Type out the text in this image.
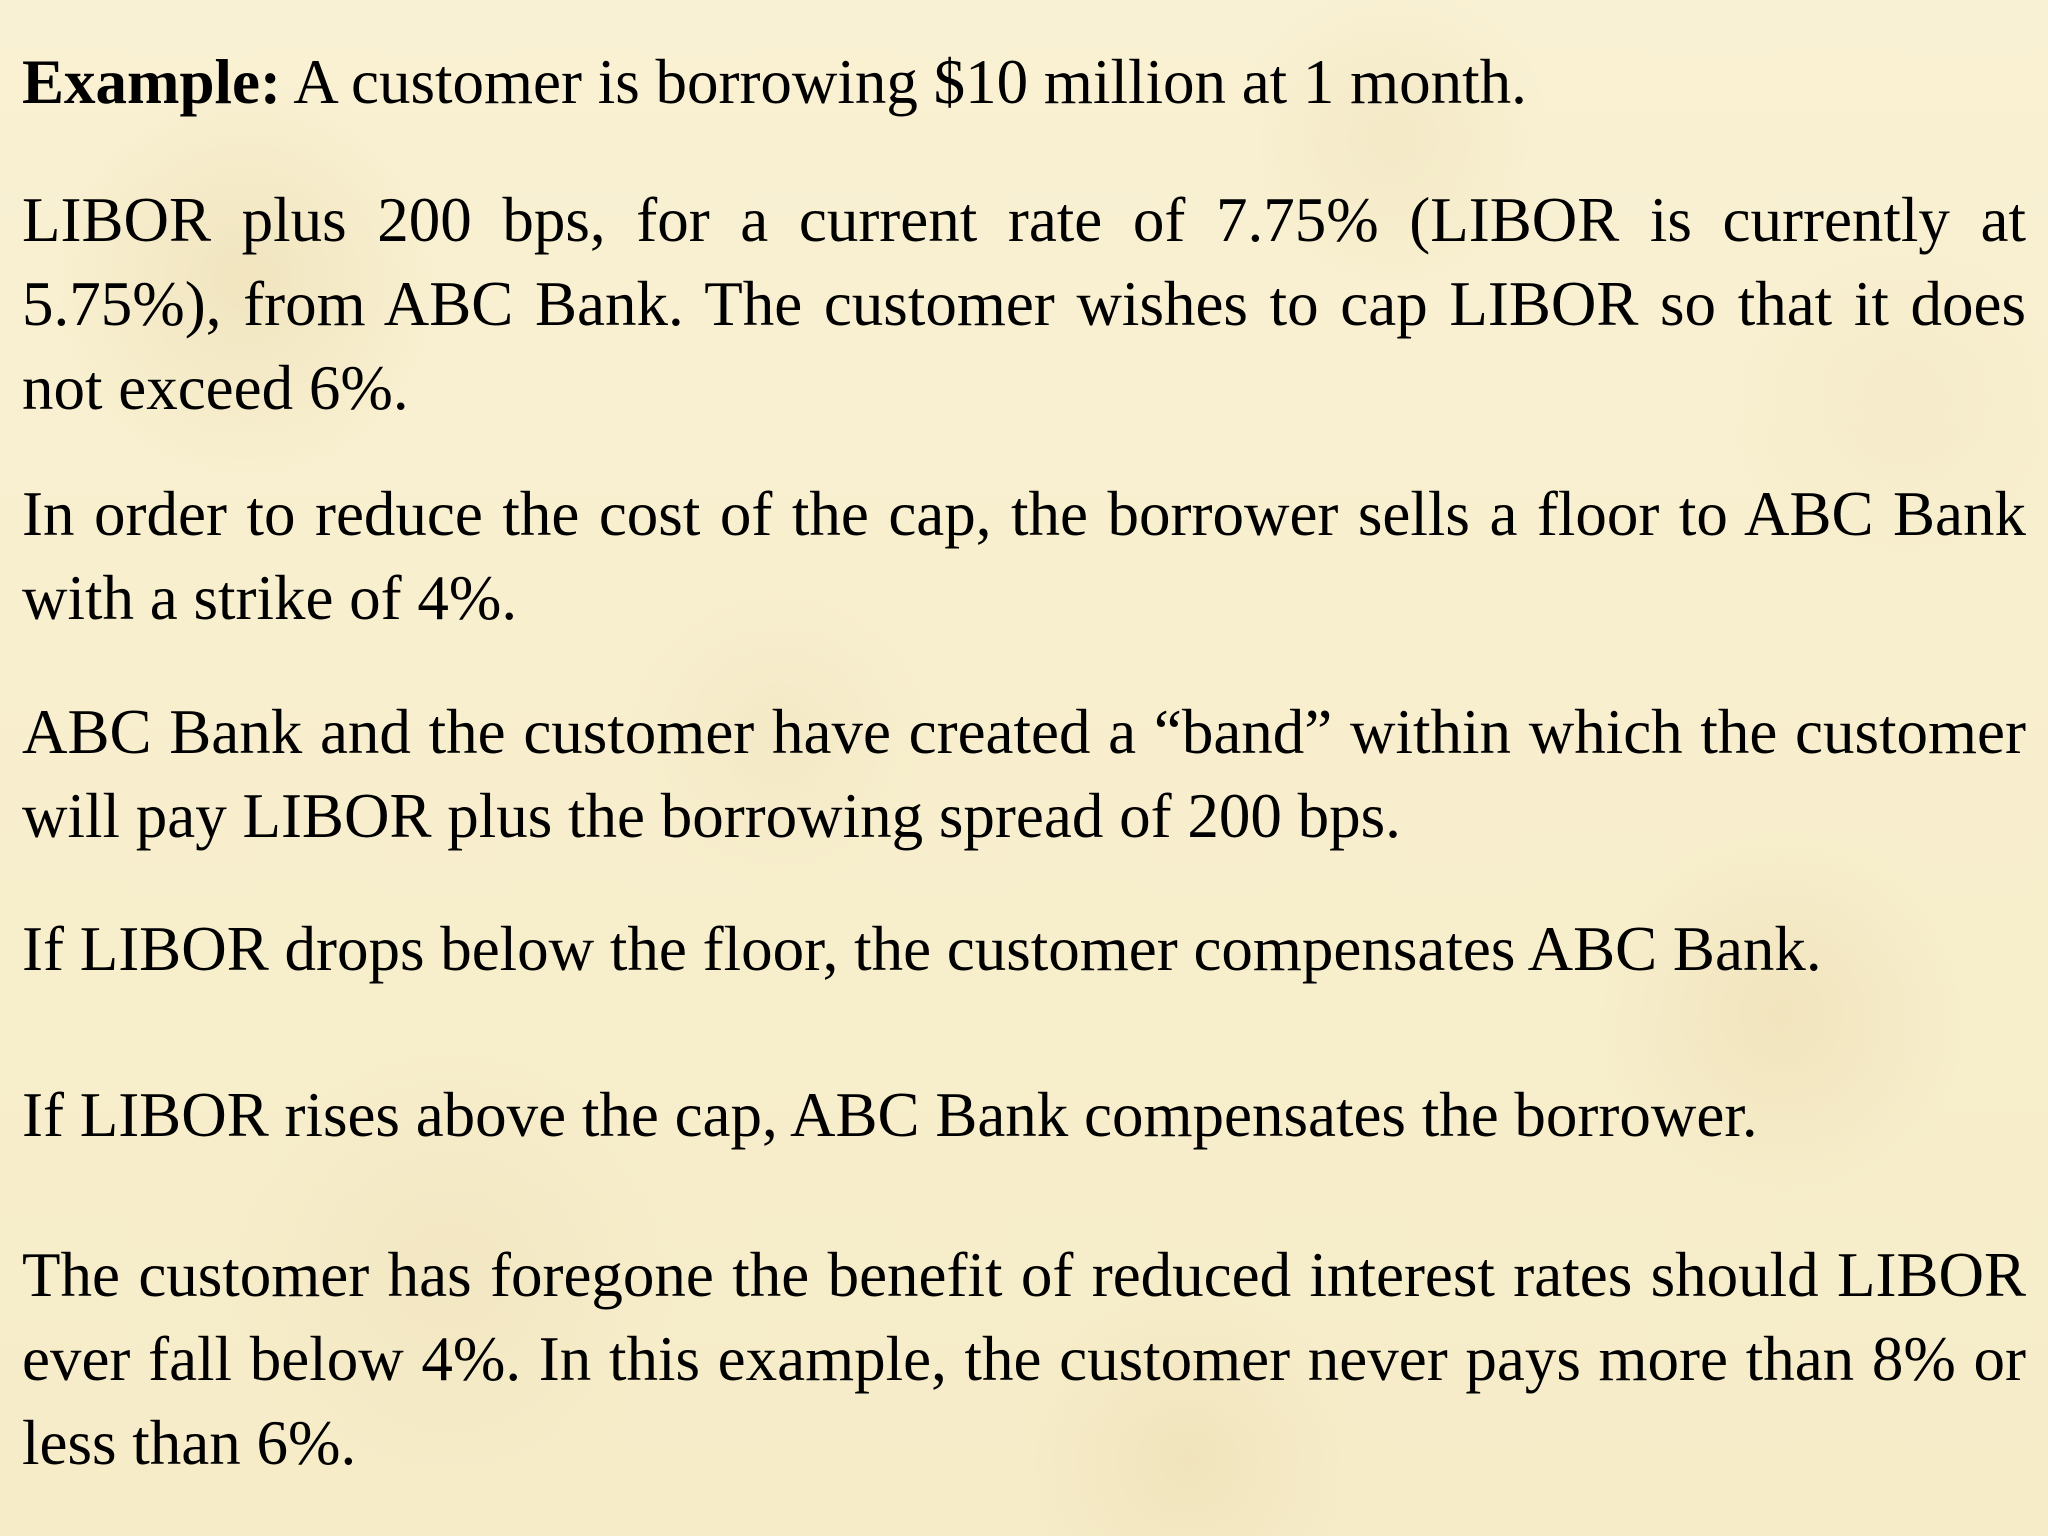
Example: A customer is borrowing $10 million at 1 month.

LIBOR plus 200 bps, for a current rate of 7.75% (LIBOR is currently at 5.75%), from ABC Bank. The customer wishes to cap LIBOR so that it does not exceed 6%.

In order to reduce the cost of the cap, the borrower sells a floor to ABC Bank with a strike of 4%.

ABC Bank and the customer have created a “band” within which the customer will pay LIBOR plus the borrowing spread of 200 bps.

If LIBOR drops below the floor, the customer compensates ABC Bank.

If LIBOR rises above the cap, ABC Bank compensates the borrower.

The customer has foregone the benefit of reduced interest rates should LIBOR ever fall below 4%. In this example, the customer never pays more than 8% or less than 6%.
